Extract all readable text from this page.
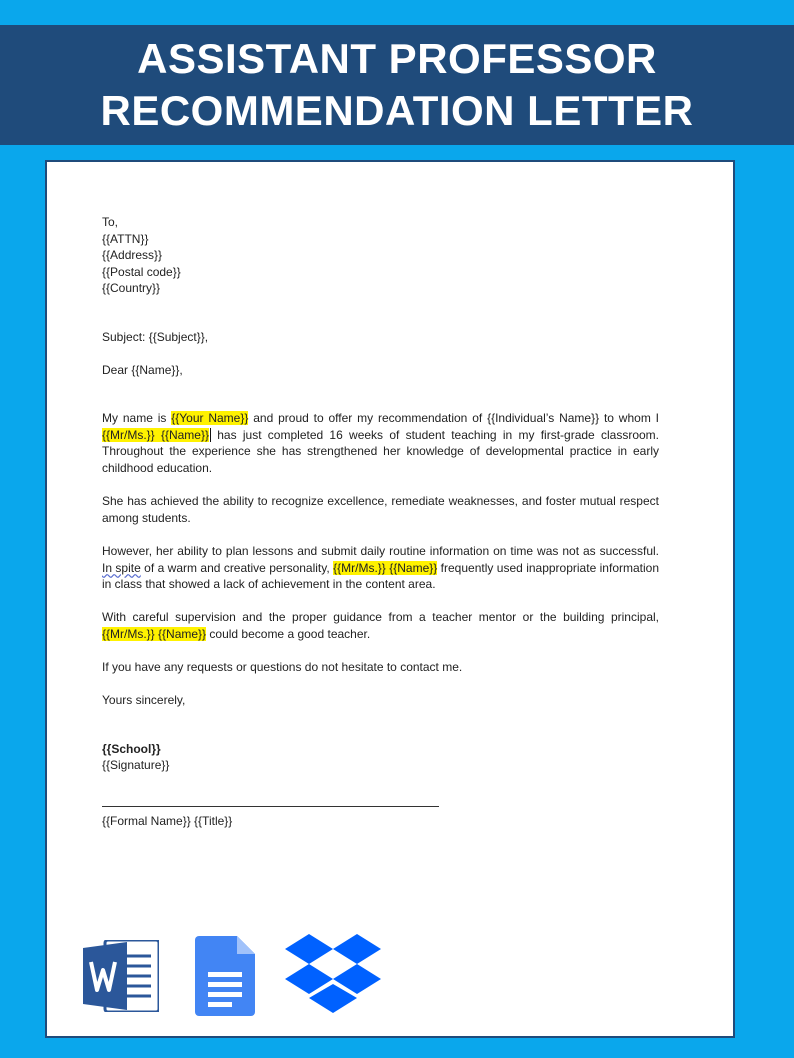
ASSISTANT PROFESSOR
RECOMMENDATION LETTER

To,

{{ATTN}}

{{Address}}

{{Postal code}}

{{Country}}

Subject: {{Subject}},

Dear {{Name}},

My name is {{Your Name}} and proud to offer my recommendation of {{Individual’s Name}} to whom I {{Mr/Ms.}} {{Name}} has just completed 16 weeks of student teaching in my first-grade classroom. Throughout the experience she has strengthened her knowledge of developmental practice in early childhood education.

She has achieved the ability to recognize excellence, remediate weaknesses, and foster mutual respect among students.

However, her ability to plan lessons and submit daily routine information on time was not as successful. In spite of a warm and creative personality, {{Mr/Ms.}} {{Name}} frequently used inappropriate information in class that showed a lack of achievement in the content area.

With careful supervision and the proper guidance from a teacher mentor or the building principal, {{Mr/Ms.}} {{Name}} could become a good teacher.

If you have any requests or questions do not hesitate to contact me.

Yours sincerely,

{{School}}

{{Signature}}

{{Formal Name}} {{Title}}
